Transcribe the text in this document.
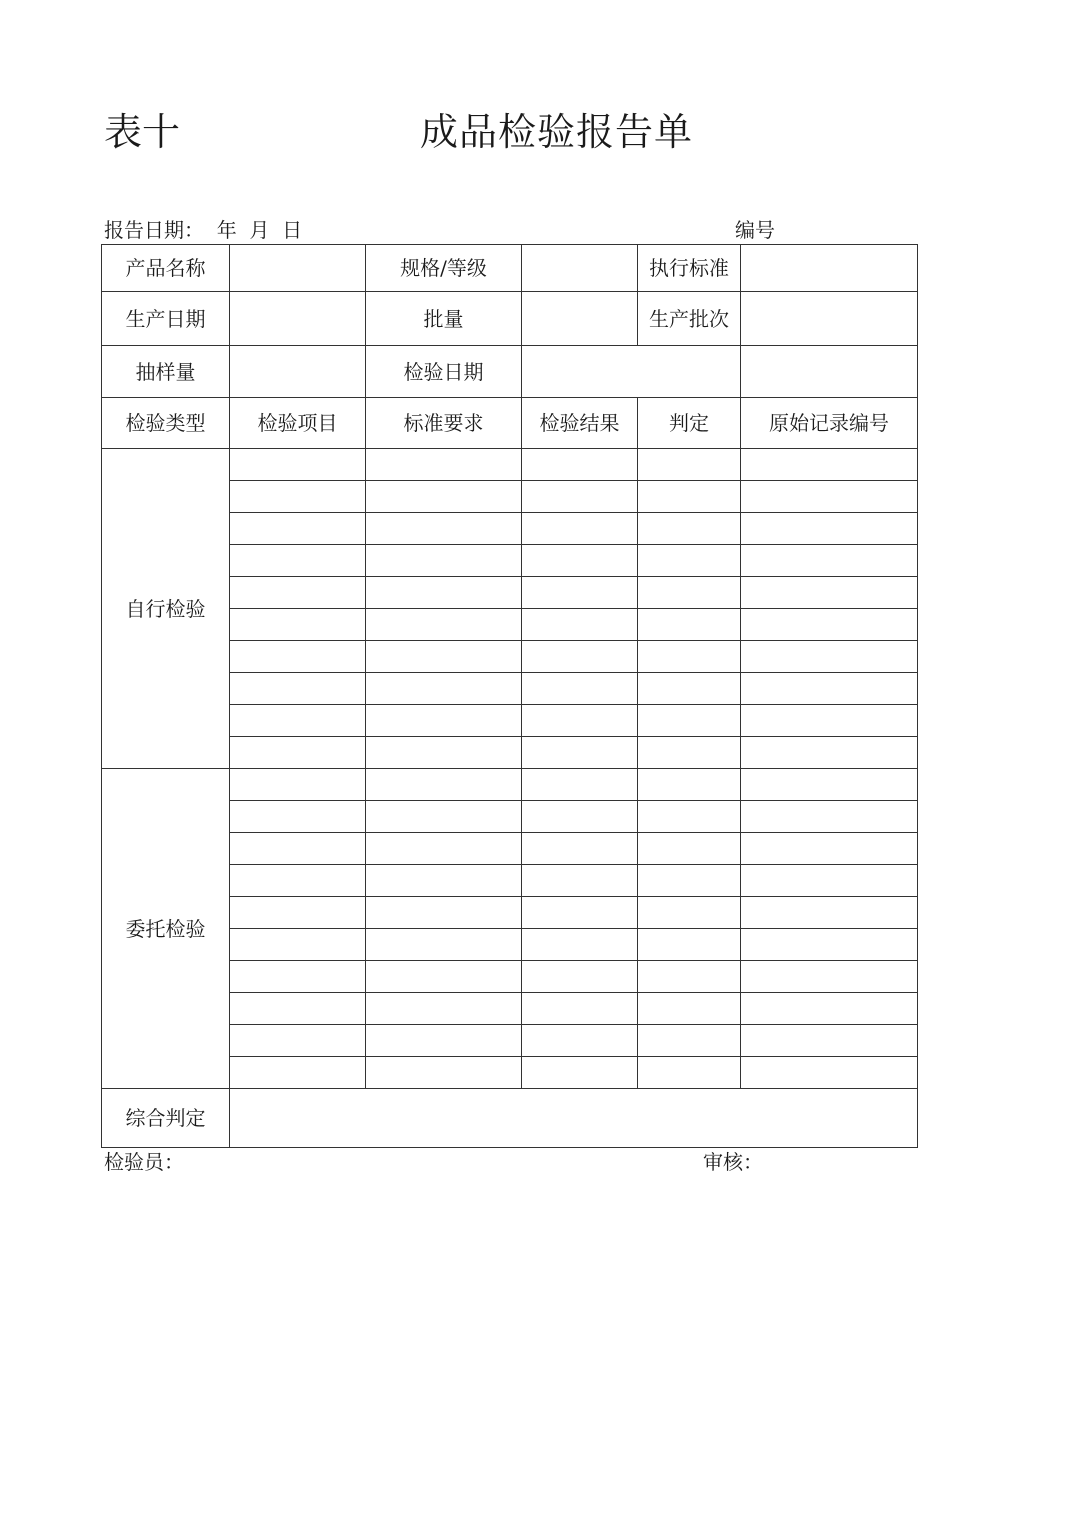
表十	成品检验报告单
报告日期：  年  月  日	编号
产品名称		规格/等级		执行标准	
生产日期		批量		生产批次	
抽样量		检验日期			
检验类型	检验项目	标准要求	检验结果	判定	原始记录编号
自行检验					

委托检验					

综合判定					
检验员：	审核：
